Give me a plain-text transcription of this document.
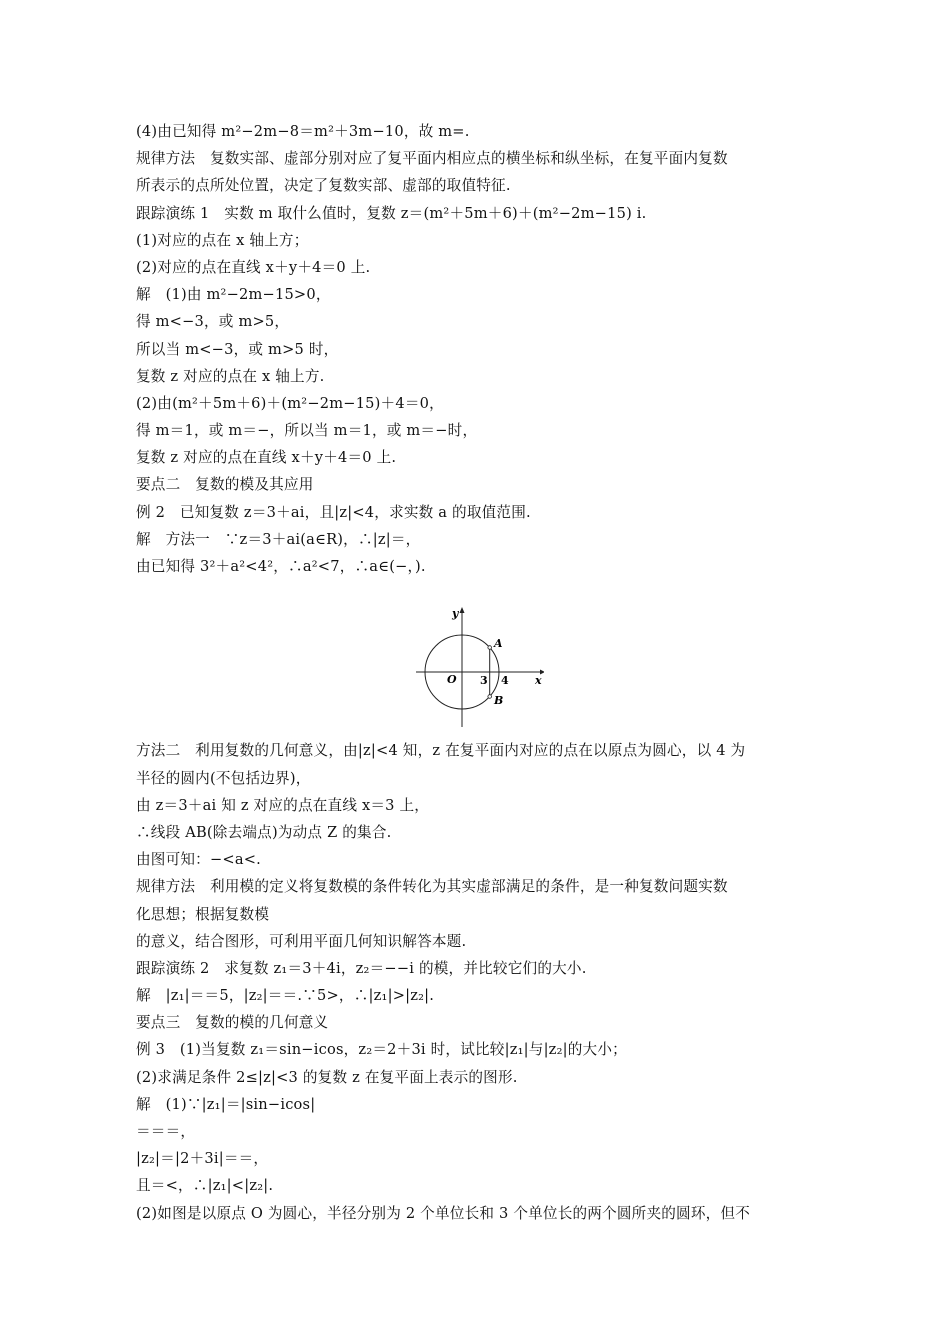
(4)由已知得 m²−2m−8＝m²＋3m−10，故 m=.
规律方法　复数实部、虚部分别对应了复平面内相应点的横坐标和纵坐标，在复平面内复数
所表示的点所处位置，决定了复数实部、虚部的取值特征.
跟踪演练 1　实数 m 取什么值时，复数 z＝(m²＋5m＋6)＋(m²−2m−15) i.
(1)对应的点在 x 轴上方；
(2)对应的点在直线 x＋y＋4＝0 上.
解　(1)由 m²−2m−15>0，
得 m<−3，或 m>5，
所以当 m<−3，或 m>5 时，
复数 z 对应的点在 x 轴上方.
(2)由(m²＋5m＋6)＋(m²−2m−15)＋4＝0，
得 m＝1，或 m＝−，所以当 m＝1，或 m＝−时，
复数 z 对应的点在直线 x＋y＋4＝0 上.
要点二　复数的模及其应用
例 2　已知复数 z＝3＋ai，且|z|<4，求实数 a 的取值范围.
解　方法一　∵z＝3＋ai(a∈R)，∴|z|＝，
由已知得 3²＋a²<4²，∴a²<7，∴a∈(−，).
y
x
O
A
B
3 4
方法二　利用复数的几何意义，由|z|<4 知，z 在复平面内对应的点在以原点为圆心，以 4 为
半径的圆内(不包括边界)，
由 z＝3＋ai 知 z 对应的点在直线 x＝3 上，
∴线段 AB(除去端点)为动点 Z 的集合.
由图可知：−<a<.
规律方法　利用模的定义将复数模的条件转化为其实虚部满足的条件，是一种复数问题实数
化思想；根据复数模
的意义，结合图形，可利用平面几何知识解答本题.
跟踪演练 2　求复数 z₁＝3＋4i，z₂＝−−i 的模，并比较它们的大小.
解　|z₁|＝＝5，|z₂|＝＝.∵5>，∴|z₁|>|z₂|.
要点三　复数的模的几何意义
例 3　(1)当复数 z₁＝sin−icos，z₂＝2＋3i 时，试比较|z₁|与|z₂|的大小；
(2)求满足条件 2≤|z|<3 的复数 z 在复平面上表示的图形.
解　(1)∵|z₁|＝|sin−icos|
＝＝＝，
|z₂|＝|2＋3i|＝＝，
且＝<，∴|z₁|<|z₂|.
(2)如图是以原点 O 为圆心，半径分别为 2 个单位长和 3 个单位长的两个圆所夹的圆环，但不
